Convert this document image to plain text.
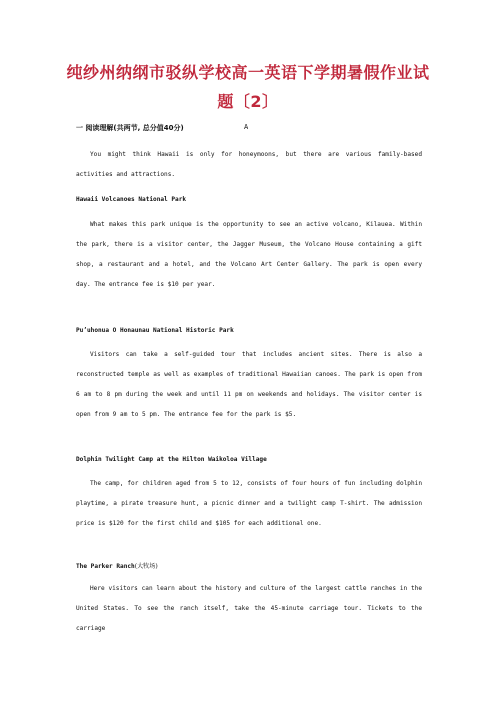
纯纱州纳纲市驳纵学校高一英语下学期暑假作业试
题〔2〕
一 阅读理解(共两节, 总分值40分)	A

You might think Hawaii is only for honeymoons, but there are various family-based activities and attractions.

Hawaii Volcanoes National Park

What makes this park unique is the opportunity to see an active volcano, Kilauea. Within the park, there is a visitor center, the Jagger Museum, the Volcano House containing a gift shop, a restaurant and a hotel, and the Volcano Art Center Gallery. The park is open every day. The entrance fee is $10 per year.

Pu’uhonua O Honaunau National Historic Park

Visitors can take a self-guided tour that includes ancient sites. There is also a reconstructed temple as well as examples of traditional Hawaiian canoes. The park is open from 6 am to 8 pm during the week and until 11 pm on weekends and holidays. The visitor center is open from 9 am to 5 pm. The entrance fee for the park is $5.

Dolphin Twilight Camp at the Hilton Waikoloa Village

The camp, for children aged from 5 to 12, consists of four hours of fun including dolphin playtime, a pirate treasure hunt, a picnic dinner and a twilight camp T-shirt. The admission price is $120 for the first child and $105 for each additional one.

The Parker Ranch(大牧场)

Here visitors can learn about the history and culture of the largest cattle ranches in the United States. To see the ranch itself, take the 45-minute carriage tour. Tickets to the carriage
